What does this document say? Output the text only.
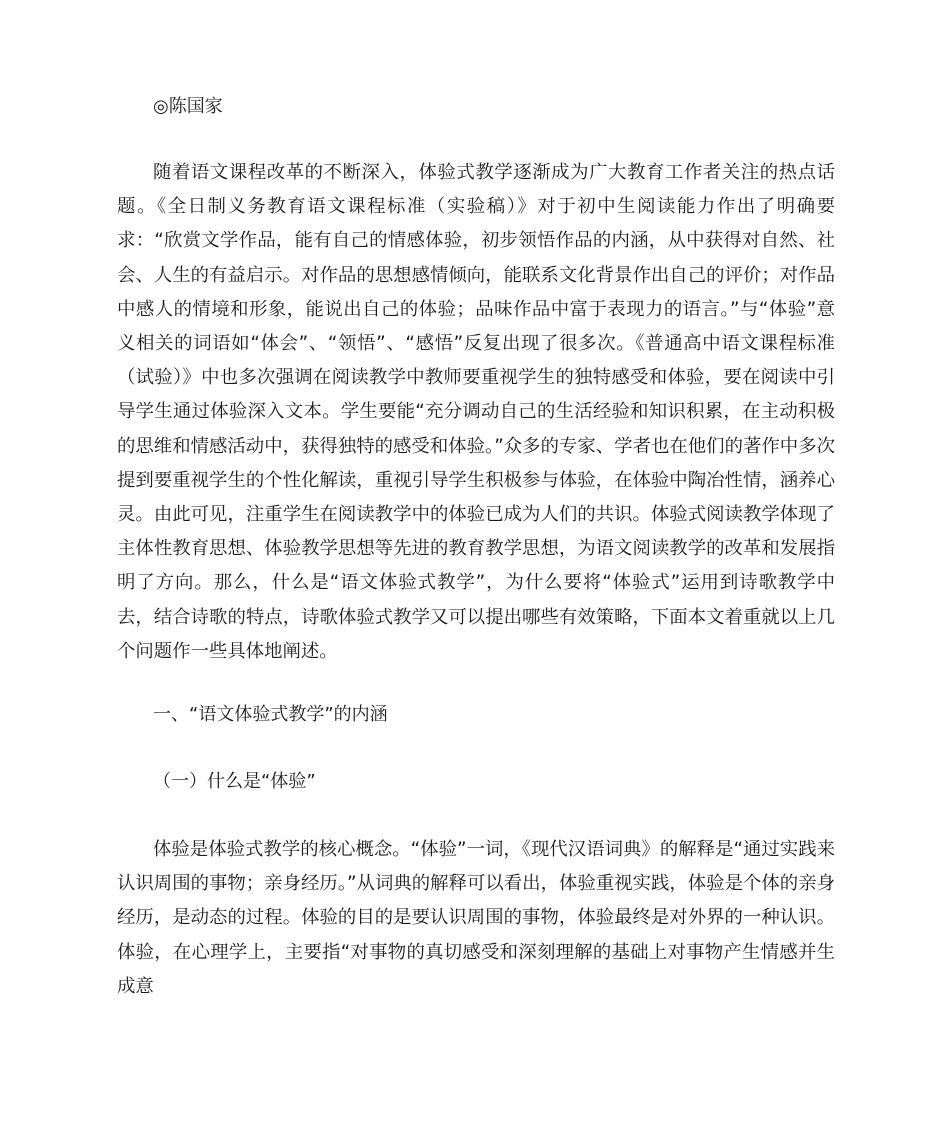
◎陈国家

随着语文课程改革的不断深入，体验式教学逐渐成为广大教育工作者关注的热点话题。《全日制义务教育语文课程标准（实验稿）》对于初中生阅读能力作出了明确要求：“欣赏文学作品，能有自己的情感体验，初步领悟作品的内涵，从中获得对自然、社会、人生的有益启示。对作品的思想感情倾向，能联系文化背景作出自己的评价；对作品中感人的情境和形象，能说出自己的体验；品味作品中富于表现力的语言。”与“体验”意义相关的词语如“体会”、“领悟”、“感悟”反复出现了很多次。《普通高中语文课程标准（试验）》中也多次强调在阅读教学中教师要重视学生的独特感受和体验，要在阅读中引导学生通过体验深入文本。学生要能“充分调动自己的生活经验和知识积累，在主动积极的思维和情感活动中，获得独特的感受和体验。”众多的专家、学者也在他们的著作中多次提到要重视学生的个性化解读，重视引导学生积极参与体验，在体验中陶冶性情，涵养心灵。由此可见，注重学生在阅读教学中的体验已成为人们的共识。体验式阅读教学体现了主体性教育思想、体验教学思想等先进的教育教学思想，为语文阅读教学的改革和发展指明了方向。那么，什么是“语文体验式教学”，为什么要将“体验式”运用到诗歌教学中去，结合诗歌的特点，诗歌体验式教学又可以提出哪些有效策略，下面本文着重就以上几个问题作一些具体地阐述。

一、“语文体验式教学”的内涵

（一）什么是“体验”

体验是体验式教学的核心概念。“体验”一词，《现代汉语词典》的解释是“通过实践来认识周围的事物；亲身经历。”从词典的解释可以看出，体验重视实践，体验是个体的亲身经历，是动态的过程。体验的目的是要认识周围的事物，体验最终是对外界的一种认识。体验，在心理学上，主要指“对事物的真切感受和深刻理解的基础上对事物产生情感并生成意
